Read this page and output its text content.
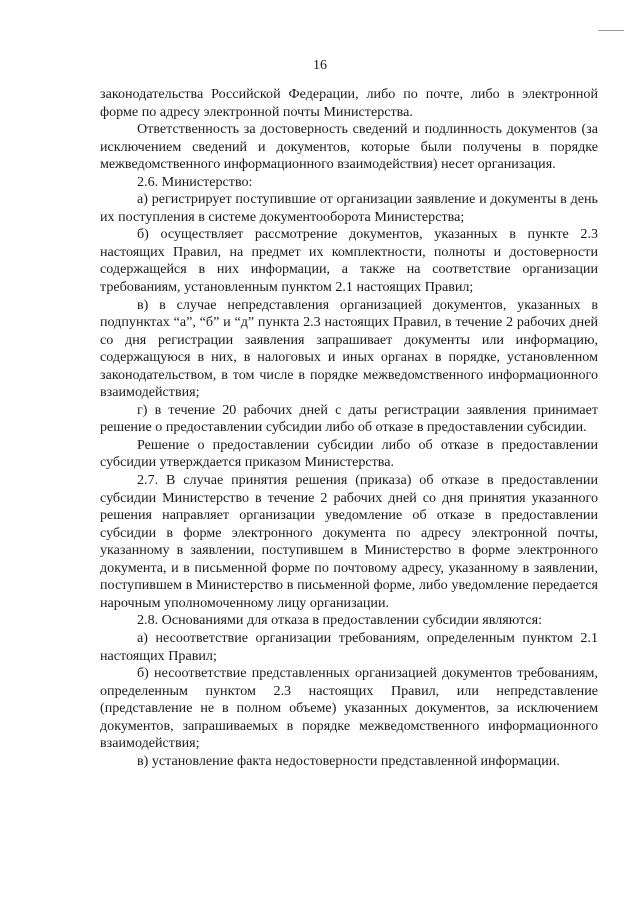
16

законодательства Российской Федерации, либо по почте, либо в электронной форме по адресу электронной почты Министерства.

Ответственность за достоверность сведений и подлинность документов (за исключением сведений и документов, которые были получены в порядке межведомственного информационного взаимодействия) несет организация.

2.6. Министерство:

а) регистрирует поступившие от организации заявление и документы в день их поступления в системе документооборота Министерства;

б) осуществляет рассмотрение документов, указанных в пункте 2.3 настоящих Правил, на предмет их комплектности, полноты и достоверности содержащейся в них информации, а также на соответствие организации требованиям, установленным пунктом 2.1 настоящих Правил;

в) в случае непредставления организацией документов, указанных в подпунктах “а”, “б” и “д” пункта 2.3 настоящих Правил, в течение 2 рабочих дней со дня регистрации заявления запрашивает документы или информацию, содержащуюся в них, в налоговых и иных органах в порядке, установленном законодательством, в том числе в порядке межведомственного информационного взаимодействия;

г) в течение 20 рабочих дней с даты регистрации заявления принимает решение о предоставлении субсидии либо об отказе в предоставлении субсидии.

Решение о предоставлении субсидии либо об отказе в предоставлении субсидии утверждается приказом Министерства.

2.7. В случае принятия решения (приказа) об отказе в предоставлении субсидии Министерство в течение 2 рабочих дней со дня принятия указанного решения направляет организации уведомление об отказе в предоставлении субсидии в форме электронного документа по адресу электронной почты, указанному в заявлении, поступившем в Министерство в форме электронного документа, и в письменной форме по почтовому адресу, указанному в заявлении, поступившем в Министерство в письменной форме, либо уведомление передается нарочным уполномоченному лицу организации.

2.8. Основаниями для отказа в предоставлении субсидии являются:

а) несоответствие организации требованиям, определенным пунктом 2.1 настоящих Правил;

б) несоответствие представленных организацией документов требованиям, определенным пунктом 2.3 настоящих Правил, или непредставление (представление не в полном объеме) указанных документов, за исключением документов, запрашиваемых в порядке межведомственного информационного взаимодействия;

в) установление факта недостоверности представленной информации.
